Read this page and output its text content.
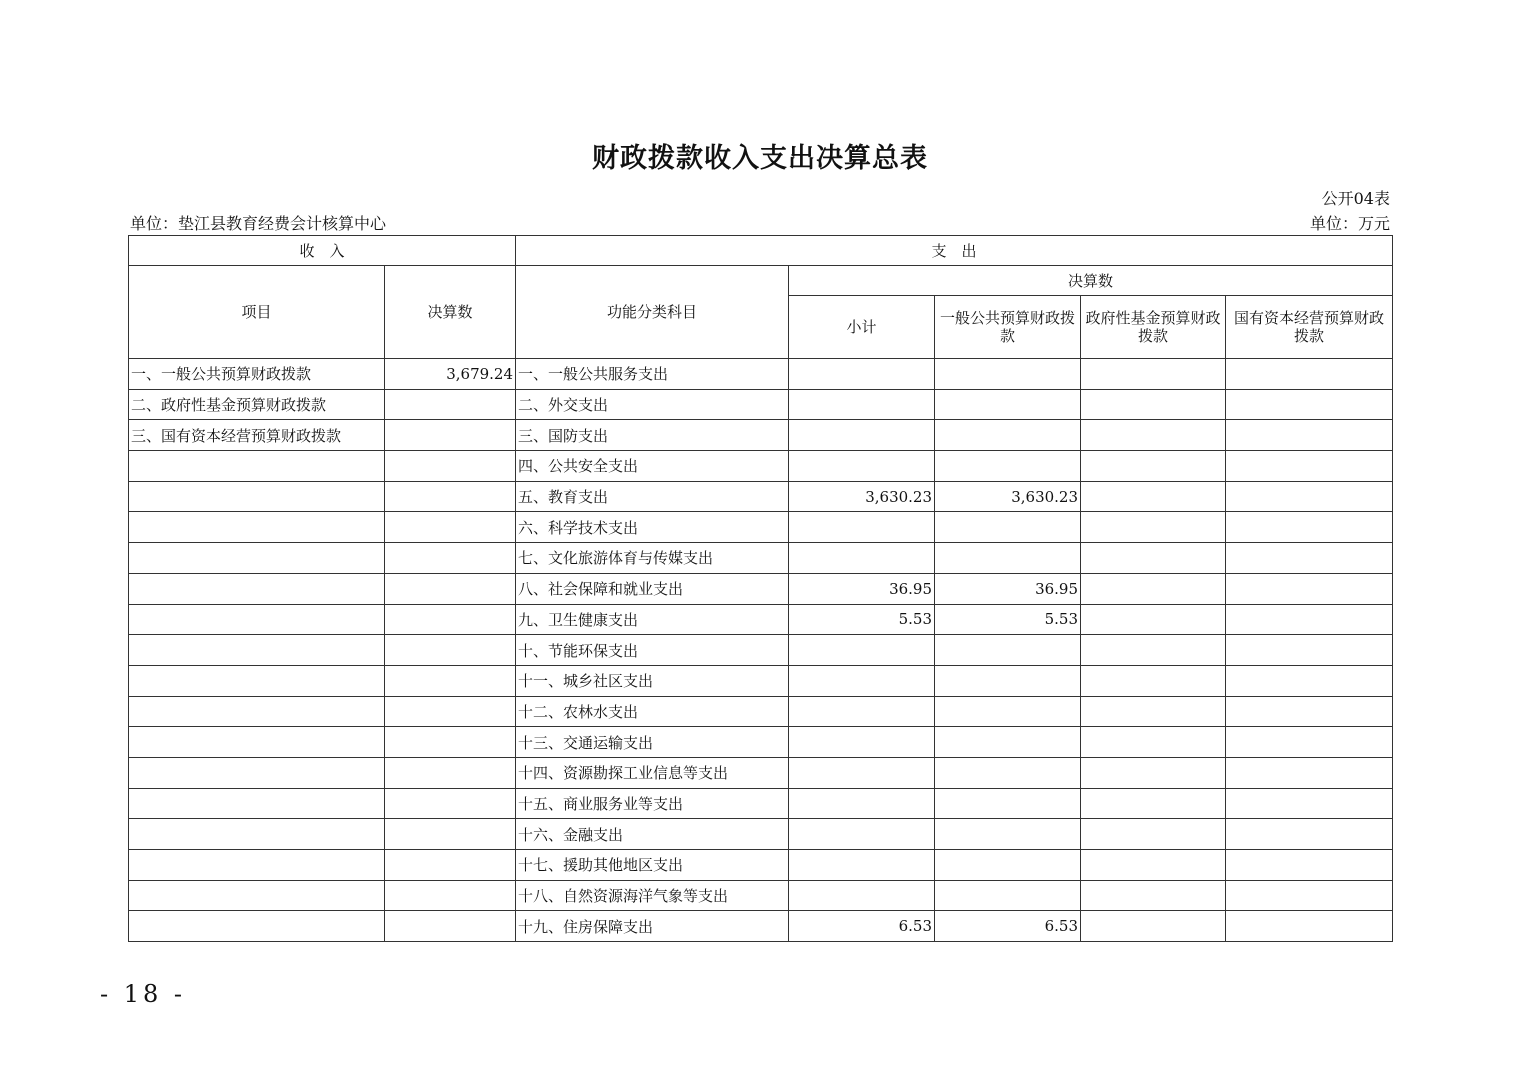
财政拨款收入支出决算总表
公开04表
单位：垫江县教育经费会计核算中心	单位：万元
收　入		支　出				
项目	决算数	功能分类科目	决算数			
			小计	一般公共预算财政拨款	政府性基金预算财政拨款	国有资本经营预算财政拨款
一、一般公共预算财政拨款	3,679.24	一、一般公共服务支出				
二、政府性基金预算财政拨款		二、外交支出				
三、国有资本经营预算财政拨款		三、国防支出				
		四、公共安全支出				
		五、教育支出	3,630.23	3,630.23		
		六、科学技术支出				
		七、文化旅游体育与传媒支出				
		八、社会保障和就业支出	36.95	36.95		
		九、卫生健康支出	5.53	5.53		
		十、节能环保支出				
		十一、城乡社区支出				
		十二、农林水支出				
		十三、交通运输支出				
		十四、资源勘探工业信息等支出				
		十五、商业服务业等支出				
		十六、金融支出				
		十七、援助其他地区支出				
		十八、自然资源海洋气象等支出				
		十九、住房保障支出	6.53	6.53		
- 18 -
